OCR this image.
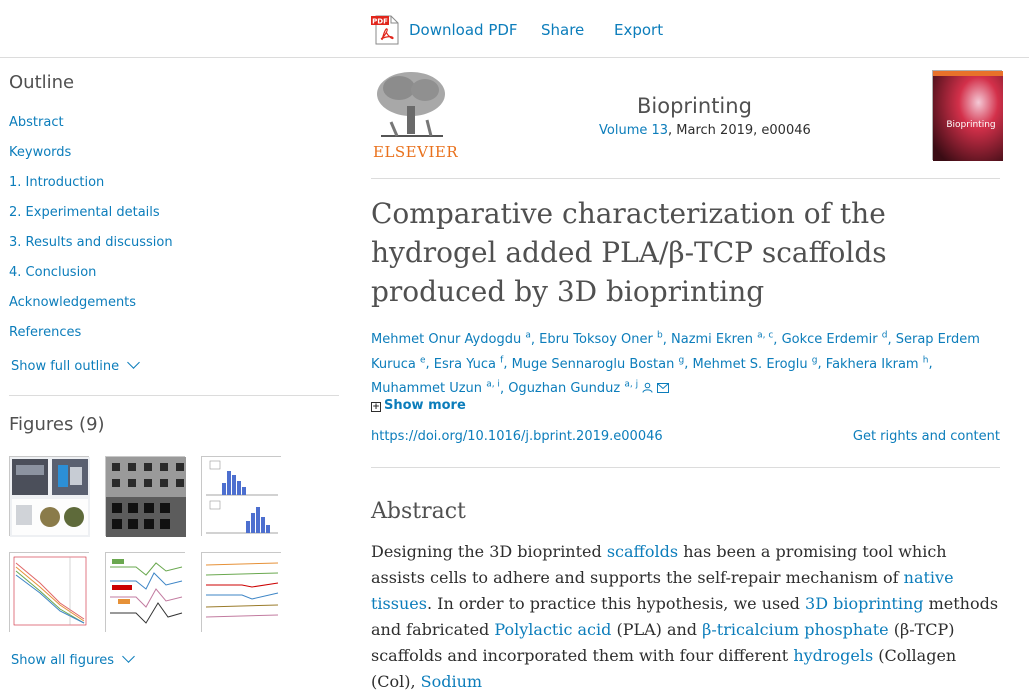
PDF Download PDF Share Export
Outline
Abstract
Keywords
1. Introduction
2. Experimental details
3. Results and discussion
4. Conclusion
Acknowledgements
References
Show full outline
Figures (9)
Show all figures
ELSEVIER
Bioprinting
Volume 13, March 2019, e00046	Bioprinting
Comparative characterization of the hydrogel added PLA/β-TCP scaffolds produced by 3D bioprinting
Mehmet Onur Aydogdu $^a$, Ebru Toksoy Oner $^b$, Nazmi Ekren $^{a, c}$, Gokce Erdemir $^d$, Serap Erdem Kuruca $^e$, Esra Yuca $^f$, Muge Sennaroglu Bostan $^g$, Mehmet S. Eroglu $^g$, Fakhera Ikram $^h$, Muhammet Uzun $^{a, i}$, Oguzhan Gunduz $^{a, j}$
+ Show more
https://doi.org/10.1016/j.bprint.2019.e00046	Get rights and content
Abstract

Designing the 3D bioprinted scaffolds has been a promising tool which assists cells to adhere and supports the self-repair mechanism of native tissues. In order to practice this hypothesis, we used 3D bioprinting methods and fabricated Polylactic acid (PLA) and β-tricalcium phosphate (β-TCP) scaffolds and incorporated them with four different hydrogels (Collagen (Col), Sodium
